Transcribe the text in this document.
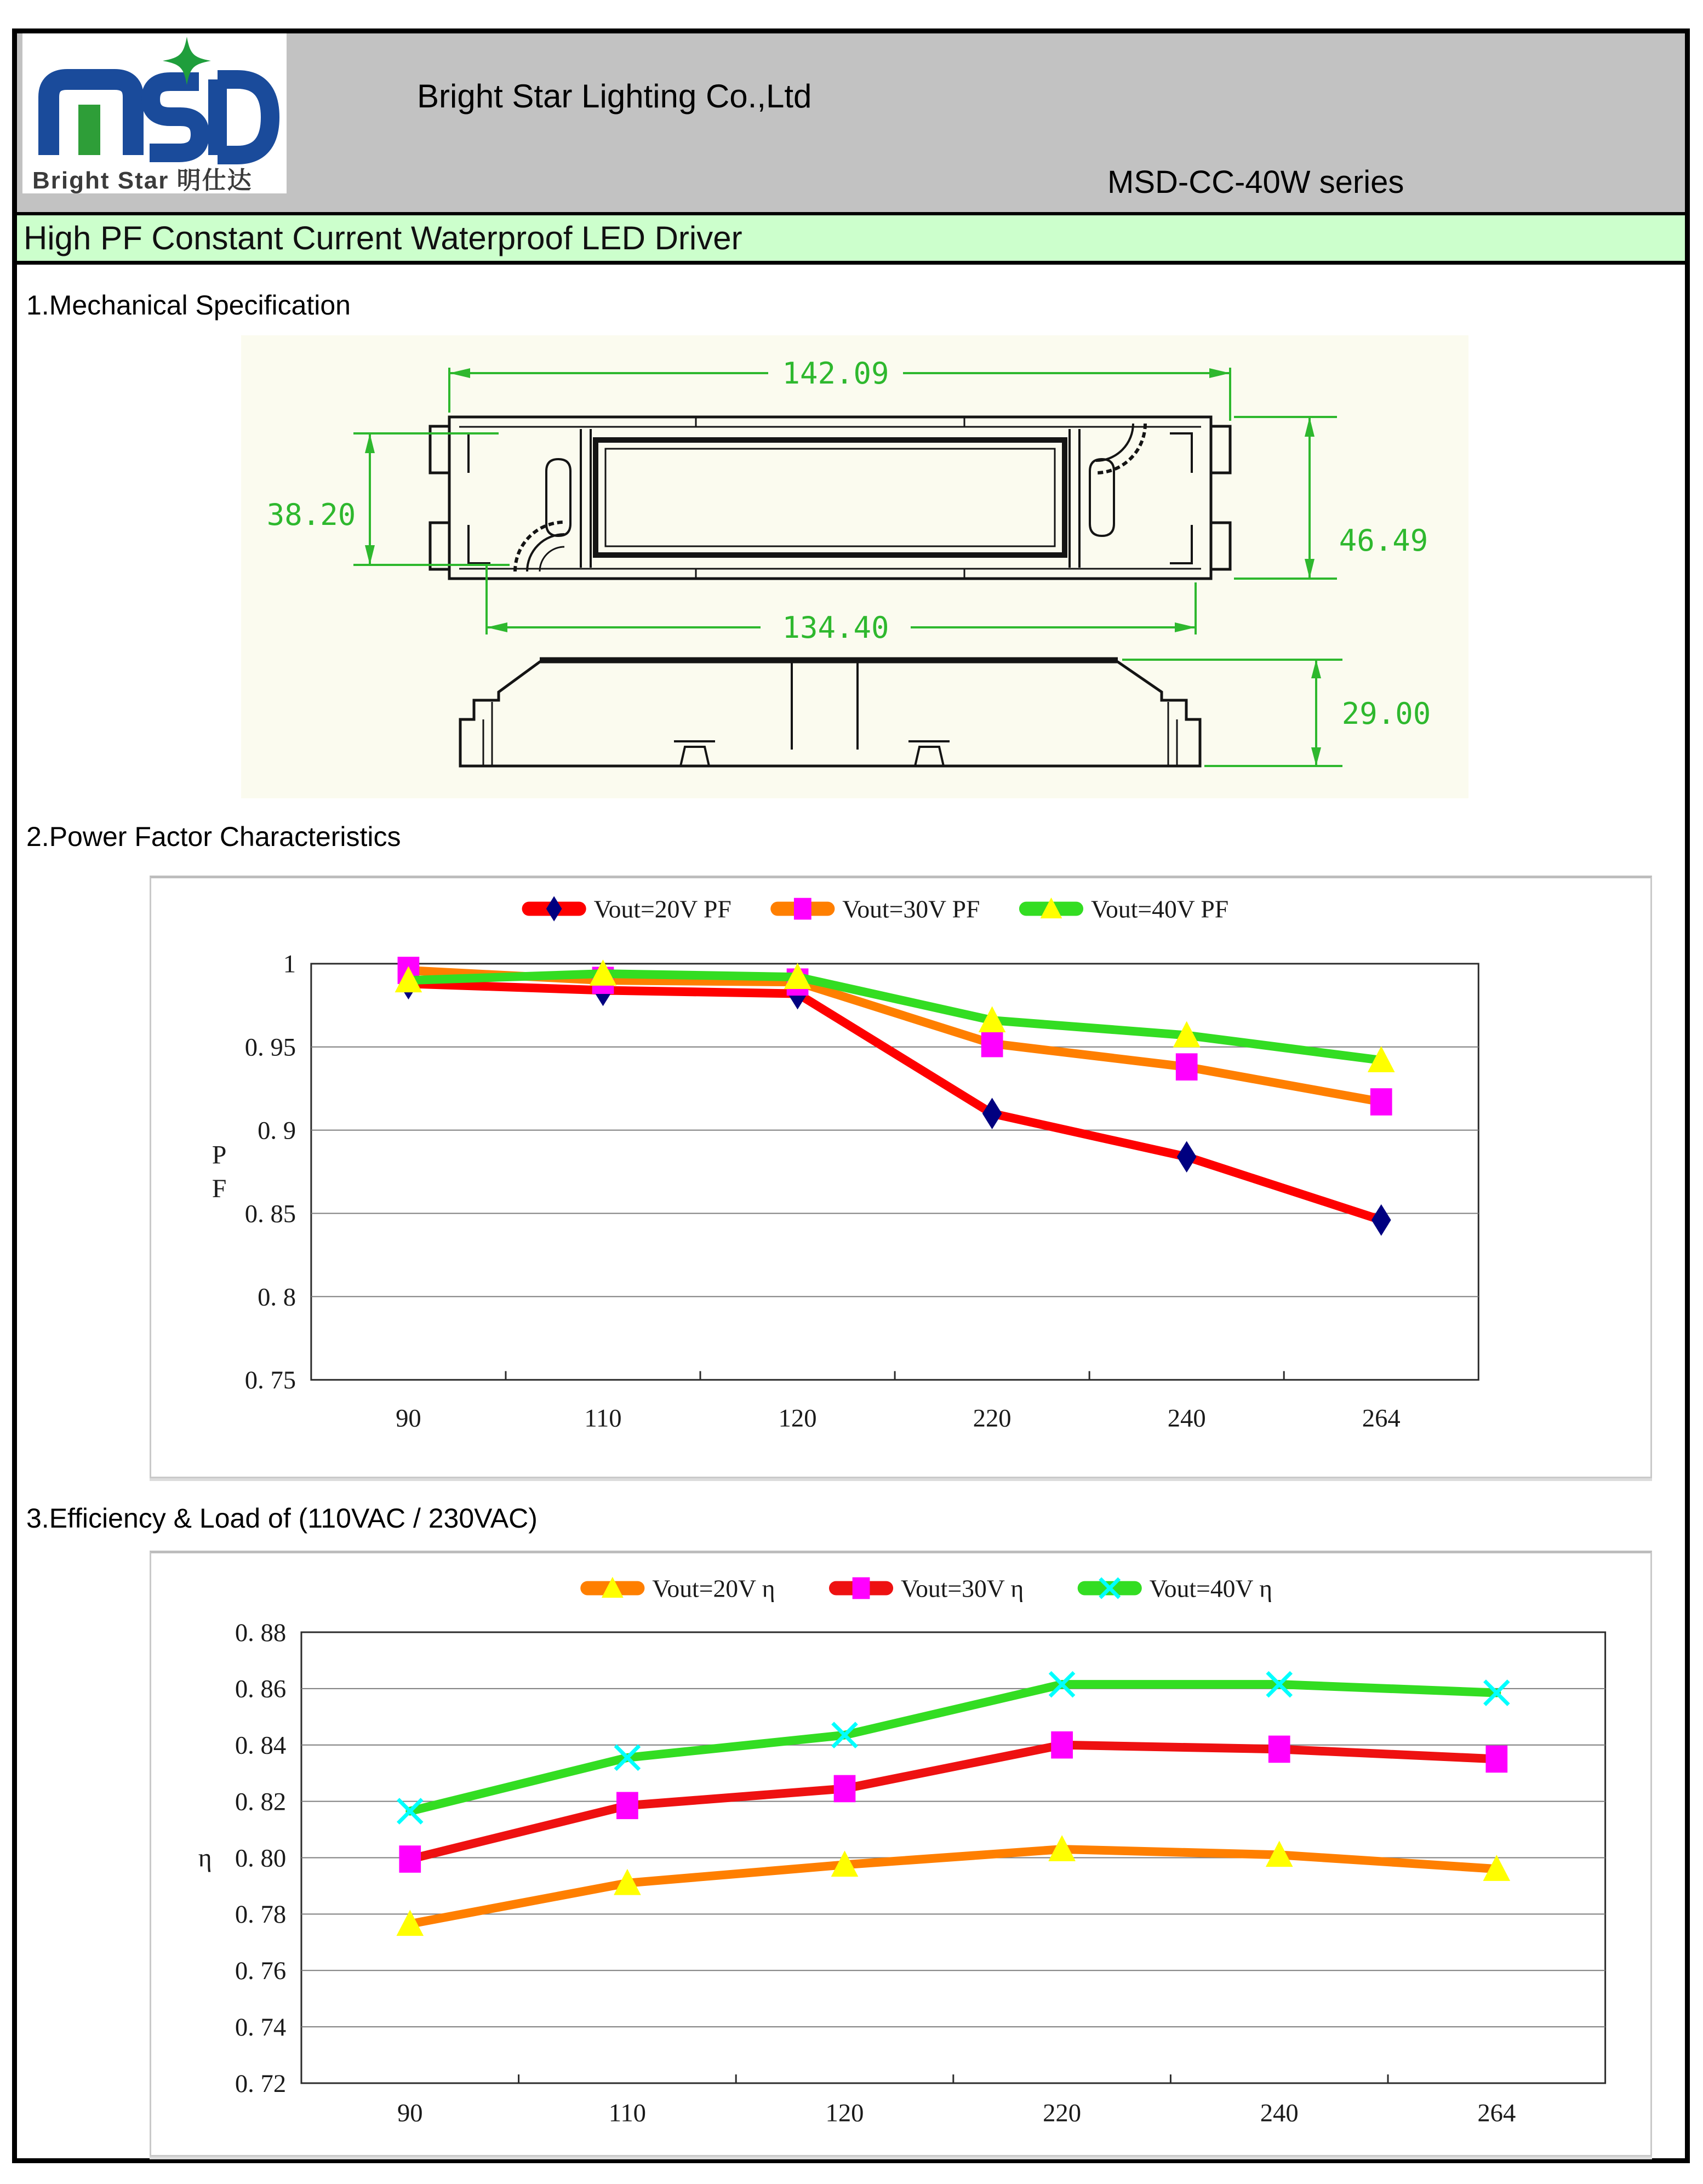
Bright Star 明仕达
Bright Star Lighting Co.,Ltd
MSD-CC-40W series
High PF Constant Current Waterproof LED Driver
1.Mechanical Specification
142.09
38.20
46.49
134.40
29.00
2.Power Factor Characteristics
1
0. 95
0. 9
0. 85
0. 8
0. 75
90	110	120	220	240	264
P
F
Vout=20V PF	Vout=30V PF	Vout=40V PF
3.Efficiency & Load of (110VAC / 230VAC)
0. 88
0. 86
0. 84
0. 82
0. 80
0. 78
0. 76
0. 74
0. 72
90	110	120	220	240	264
η
Vout=20V η	Vout=30V η	Vout=40V η
